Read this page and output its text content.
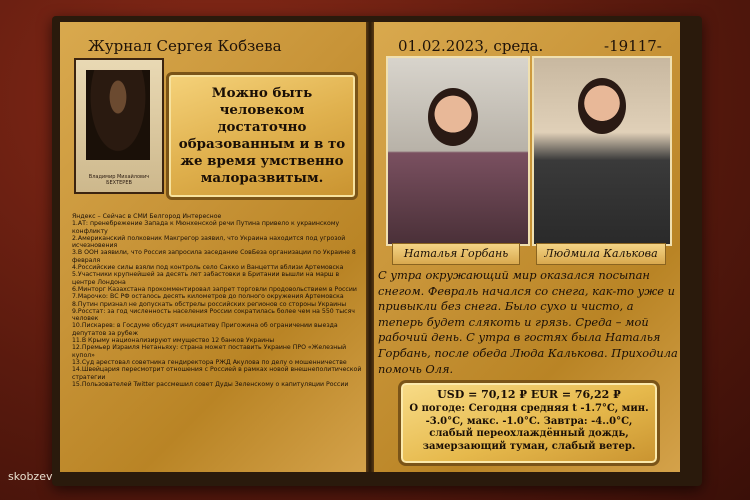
Журнал Сергея Кобзева	01.02.2023, среда.	-19117-
Владимир Михайлович
БЕХТЕРЕВ
Можно быть человеком достаточно образованным и в то же время умственно малоразвитым.
Яндекс – Сейчас в СМИ Белгород Интересное
1.АТ: пренебрежение Запада к Мюнхенской речи Путина привело к украинскому конфликту
2.Американский полковник Макгрегор заявил, что Украина находится под угрозой исчезновения
3.В ООН заявили, что Россия запросила заседание СовБеза организации по Украине 8 февраля
4.Российские силы взяли под контроль село Сакко и Ванцетти вблизи Артемовска
5.Участники крупнейшей за десять лет забастовки в Британии вышли на марш в центре Лондона
6.Минторг Казахстана прокомментировал запрет торговли продовольствием в России
7.Марочко: ВС РФ осталось десять километров до полного окружения Артемовска
8.Путин признал не допускать обстрелы российских регионов со стороны Украины
9.Росстат: за год численность населения России сократилась более чем на 550 тысяч человек
10.Пискарев: в Госдуме обсудят инициативу Пригожина об ограничении выезда депутатов за рубеж
11.В Крыму национализируют имущество 12 банков Украины
12.Премьер Израиля Нетаньяху: страна может поставить Украине ПРО «Железный купол»
13.Суд арестовал советника гендиректора РЖД Акулова по делу о мошенничестве
14.Швейцария пересмотрит отношения с Россией в рамках новой внешнеполитической стратегии
15.Пользователей Twitter рассмешил совет Дуды Зеленскому о капитуляции России
Наталья Горбань	Людмила Калькова
С утра окружающий мир оказался посыпан снегом. Февраль начался со снега, как-то уже и привыкли без снега. Было сухо и чисто, а теперь будет слякоть и грязь. Среда – мой рабочий день. С утра в гостях была Наталья Горбань, после обеда Люда Калькова. Приходила помочь Оля.
USD = 70,12 ₽ EUR = 76,22 ₽
О погоде: Сегодня средняя t -1.7°C, мин. -3.0°C, макс. -1.0°C. Завтра: -4..0°C, слабый переохлаждённый дождь, замерзающий туман, слабый ветер.
skobzev
